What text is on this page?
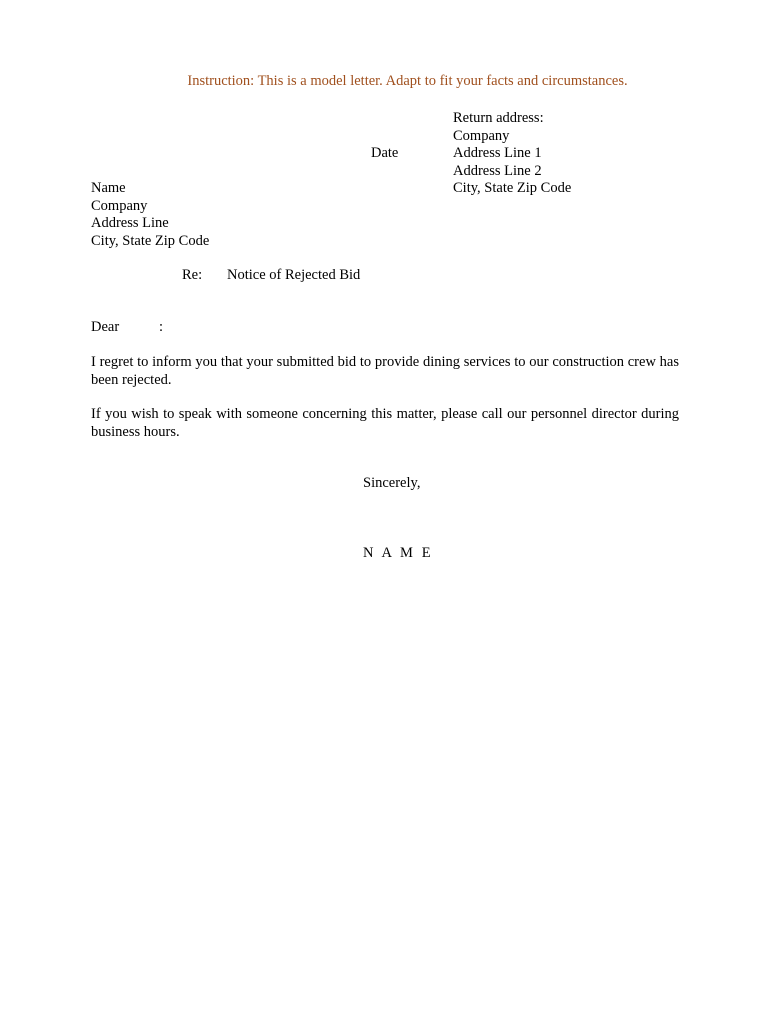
Instruction: This is a model letter. Adapt to fit your facts and circumstances.
Return address:
Company
Address Line 1
Address Line 2
City, State Zip Code
Date
Name
Company
Address Line
City, State Zip Code
Re: Notice of Rejected Bid
Dear	:
I regret to inform you that your submitted bid to provide dining services to our construction crew has been rejected.
If you wish to speak with someone concerning this matter, please call our personnel director during business hours.
Sincerely,
N A M E
